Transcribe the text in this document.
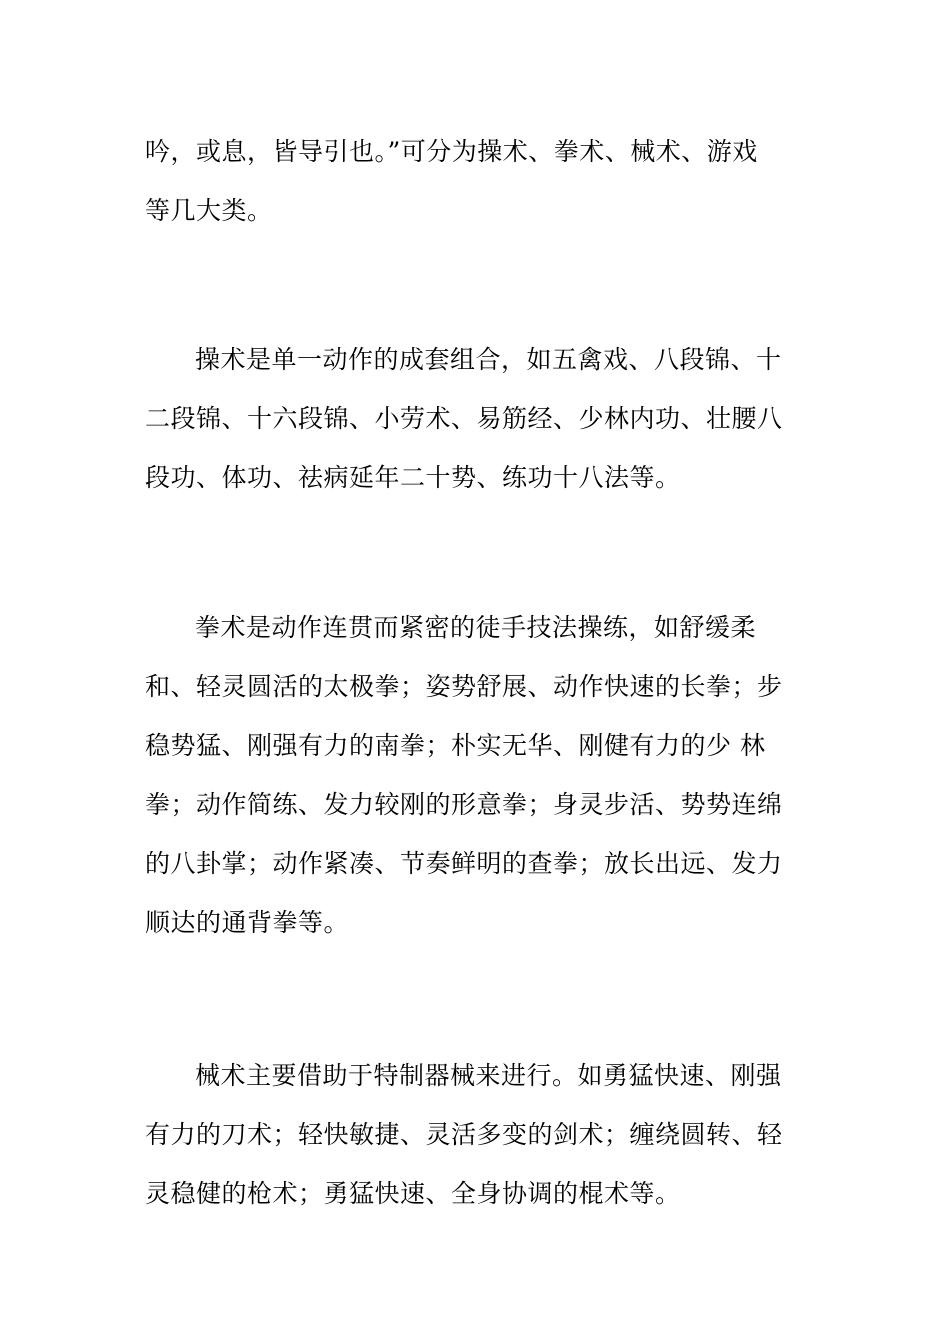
吟，或息，皆导引也。”可分为操术、拳术、械术、游戏
等几大类。
操术是单一动作的成套组合，如五禽戏、八段锦、十
二段锦、十六段锦、小劳术、易筋经、少林内功、壮腰八
段功、体功、祛病延年二十势、练功十八法等。
拳术是动作连贯而紧密的徒手技法操练，如舒缓柔
和、轻灵圆活的太极拳；姿势舒展、动作快速的长拳；步
稳势猛、刚强有力的南拳；朴实无华、刚健有力的少 林
拳；动作简练、发力较刚的形意拳；身灵步活、势势连绵
的八卦掌；动作紧凑、节奏鲜明的查拳；放长出远、发力
顺达的通背拳等。
械术主要借助于特制器械来进行。如勇猛快速、刚强
有力的刀术；轻快敏捷、灵活多变的剑术；缠绕圆转、轻
灵稳健的枪术；勇猛快速、全身协调的棍术等。
